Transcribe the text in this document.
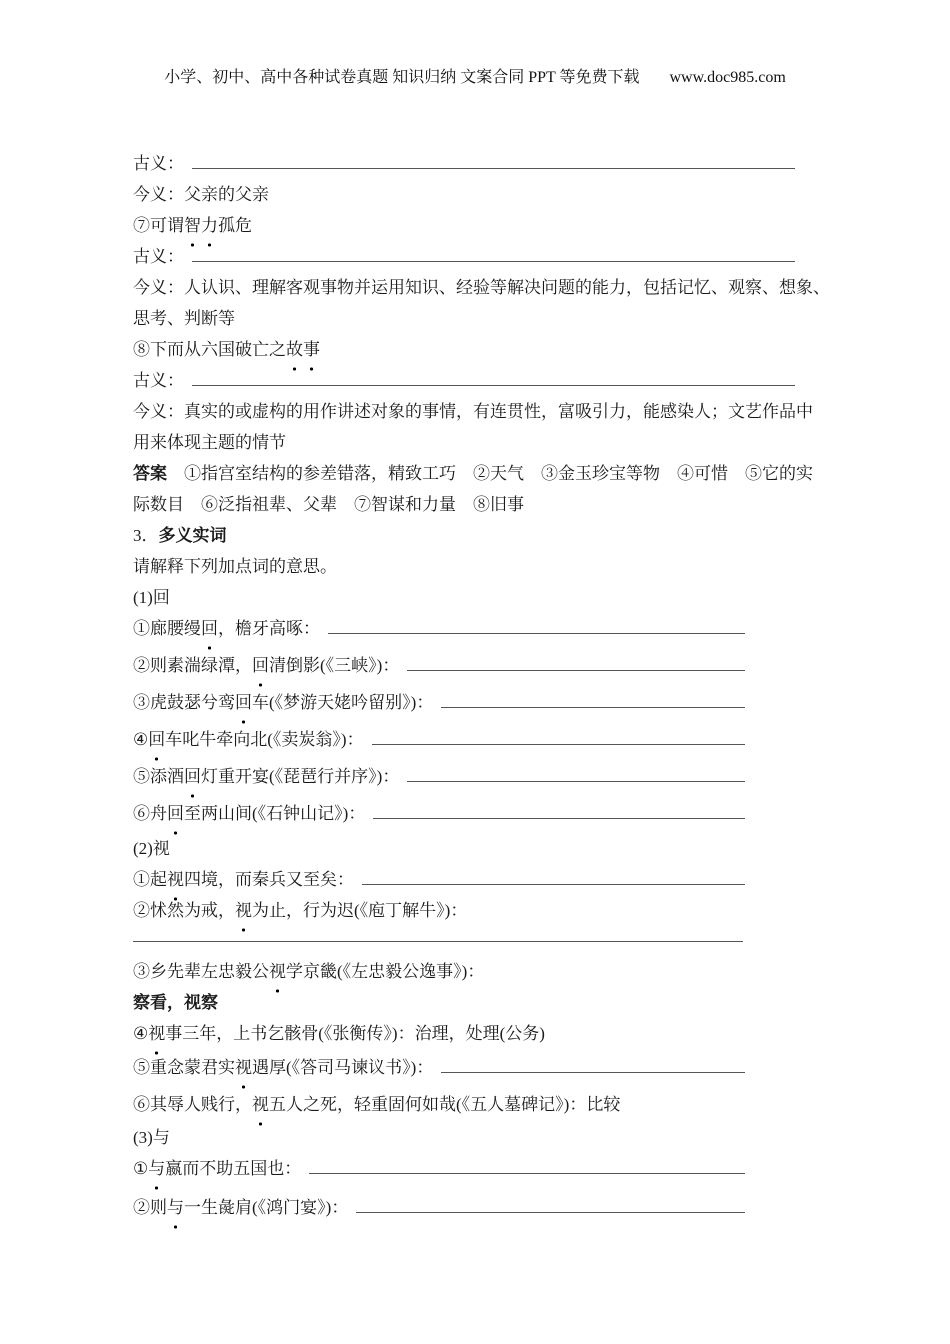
小学、初中、高中各种试卷真题 知识归纳 文案合同 PPT 等免费下载 www.doc985.com
古义：
今义：父亲的父亲
⑦可谓 智力 孤危
古义：
今义：人认识、理解客观事物并运用知识、经验等解决问题的能力，包括记忆、观察、想象、
思考、判断等
⑧下而从六国破亡之 故事
古义：
今义：真实的或虚构的用作讲述对象的事情，有连贯性，富吸引力，能感染人；文艺作品中
用来体现主题的情节
答案 　①指宫室结构的参差错落，精致工巧　②天气　③金玉珍宝等物　④可惜　⑤它的实
际数目　⑥泛指祖辈、父辈　⑦智谋和力量　⑧旧事
3． 多义实词
请解释下列加点词的意思。
(1)回
①廊腰缦 回 ，檐牙高啄：
②则素湍绿潭， 回 清倒影(《三峡》)：
③虎鼓瑟兮鸾 回 车(《梦游天姥吟留别》)：
④ 回 车叱牛牵向北(《卖炭翁》)：
⑤添酒 回 灯重开宴(《琵琶行并序》)：
⑥舟 回 至两山间(《石钟山记》)：
(2)视
①起 视 四境，而秦兵又至矣：
②怵然为戒， 视 为止，行为迟(《庖丁解牛》)：
③乡先辈左忠毅公 视 学京畿(《左忠毅公逸事》)：
察看，视察
④ 视 事三年，上书乞骸骨(《张衡传》)：治理，处理(公务)
⑤重念蒙君实 视 遇厚(《答司马谏议书》)：
⑥其辱人贱行， 视 五人之死，轻重固何如哉(《五人墓碑记》)：比较
(3)与
① 与 嬴而不助五国也：
②则 与 一生彘肩(《鸿门宴》)：
